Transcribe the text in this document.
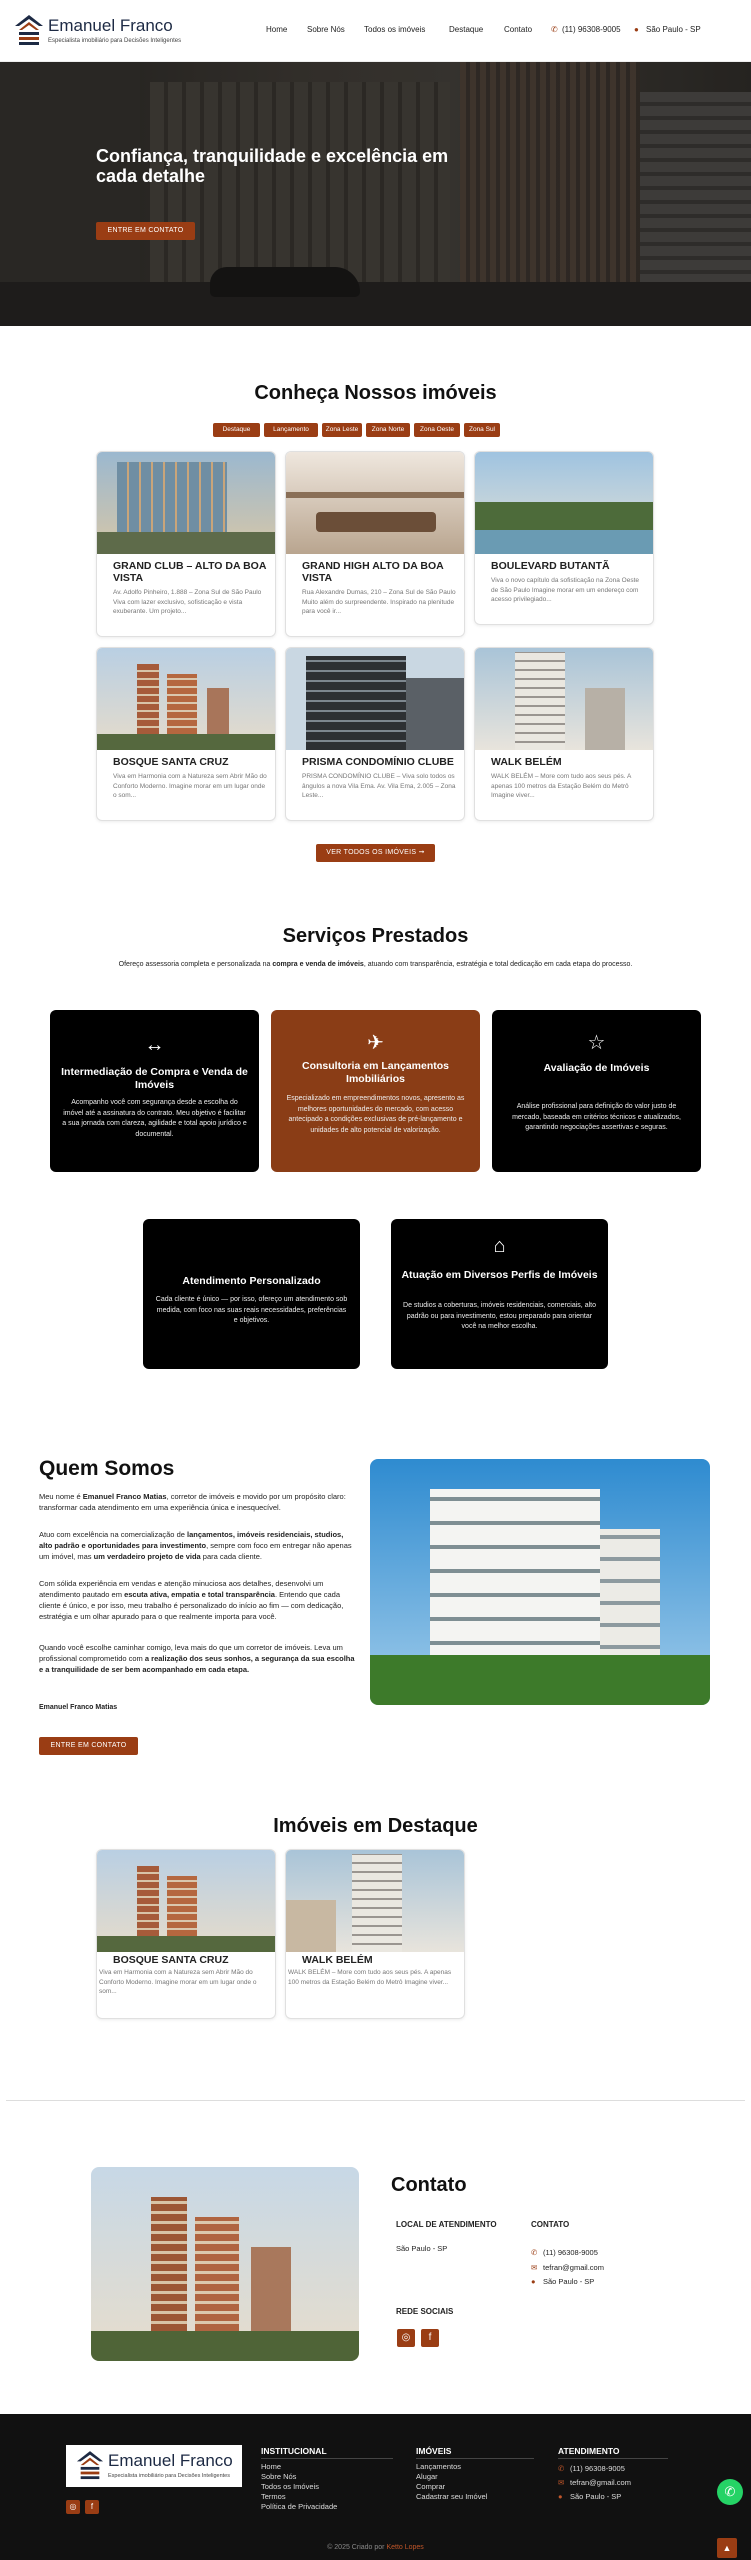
Emanuel Franco
Especialista imobiliário para Decisões Inteligentes
Home Sobre Nós Todos os imóveis	Destaque	Contato ✆ (11) 96308-9005 ● São Paulo - SP
Confiança, tranquilidade e excelência em cada detalhe
ENTRE EM CONTATO
Conheça Nossos imóveis
Destaque	Lançamento	Zona Leste	Zona Norte	Zona Oeste	Zona Sul
GRAND CLUB – ALTO DA BOA VISTA
Av. Adolfo Pinheiro, 1.888 – Zona Sul de São Paulo Viva com lazer exclusivo, sofisticação e vista exuberante. Um projeto...
GRAND HIGH ALTO DA BOA VISTA
Rua Alexandre Dumas, 210 – Zona Sul de São Paulo Muito além do surpreendente. Inspirado na plenitude para você ir...
BOULEVARD BUTANTÃ
Viva o novo capítulo da sofisticação na Zona Oeste de São Paulo Imagine morar em um endereço com acesso privilegiado...
BOSQUE SANTA CRUZ
Viva em Harmonia com a Natureza sem Abrir Mão do Conforto Moderno. Imagine morar em um lugar onde o som...
PRISMA CONDOMÍNIO CLUBE
PRISMA CONDOMÍNIO CLUBE – Viva solo todos os ângulos a nova Vila Ema. Av. Vila Ema, 2.005 – Zona Leste...
WALK BELÉM
WALK BELÉM – More com tudo aos seus pés. A apenas 100 metros da Estação Belém do Metrô Imagine viver...
VER TODOS OS IMÓVEIS ➞
Serviços Prestados
Ofereço assessoria completa e personalizada na compra e venda de imóveis, atuando com transparência, estratégia e total dedicação em cada etapa do processo.
↔
Intermediação de Compra e Venda de Imóveis
Acompanho você com segurança desde a escolha do imóvel até a assinatura do contrato. Meu objetivo é facilitar a sua jornada com clareza, agilidade e total apoio jurídico e documental.
✈
Consultoria em Lançamentos Imobiliários
Especializado em empreendimentos novos, apresento as melhores oportunidades do mercado, com acesso antecipado a condições exclusivas de pré-lançamento e unidades de alto potencial de valorização.
☆
Avaliação de Imóveis
Análise profissional para definição do valor justo de mercado, baseada em critérios técnicos e atualizados, garantindo negociações assertivas e seguras.
Atendimento Personalizado
Cada cliente é único — por isso, ofereço um atendimento sob medida, com foco nas suas reais necessidades, preferências e objetivos.
⌂
Atuação em Diversos Perfis de Imóveis
De studios a coberturas, imóveis residenciais, comerciais, alto padrão ou para investimento, estou preparado para orientar você na melhor escolha.
Quem Somos
Meu nome é Emanuel Franco Matias, corretor de imóveis e movido por um propósito claro: transformar cada atendimento em uma experiência única e inesquecível.
Atuo com excelência na comercialização de lançamentos, imóveis residenciais, studios, alto padrão e oportunidades para investimento, sempre com foco em entregar não apenas um imóvel, mas um verdadeiro projeto de vida para cada cliente.
Com sólida experiência em vendas e atenção minuciosa aos detalhes, desenvolvi um atendimento pautado em escuta ativa, empatia e total transparência. Entendo que cada cliente é único, e por isso, meu trabalho é personalizado do início ao fim — com dedicação, estratégia e um olhar apurado para o que realmente importa para você.
Quando você escolhe caminhar comigo, leva mais do que um corretor de imóveis. Leva um profissional comprometido com a realização dos seus sonhos, a segurança da sua escolha e a tranquilidade de ser bem acompanhado em cada etapa.
Emanuel Franco Matias
ENTRE EM CONTATO
Imóveis em Destaque
BOSQUE SANTA CRUZ
Viva em Harmonia com a Natureza sem Abrir Mão do Conforto Moderno. Imagine morar em um lugar onde o som...
WALK BELÉM
WALK BELÉM – More com tudo aos seus pés. A apenas 100 metros da Estação Belém do Metrô Imagine viver...
Contato
LOCAL DE ATENDIMENTO
São Paulo - SP
CONTATO
✆ (11) 96308-9005
✉ tefran@gmail.com
● São Paulo - SP
REDE SOCIAIS
◎	f
Emanuel Franco
Especialista imobiliário para Decisões Inteligentes
◎	f
INSTITUCIONAL
Home
Sobre Nós
Todos os Imóveis
Termos
Política de Privacidade
IMÓVEIS
Lançamentos
Alugar
Comprar
Cadastrar seu Imóvel
ATENDIMENTO
✆ (11) 96308-9005
✉ tefran@gmail.com
● São Paulo - SP
© 2025 Criado por Ketto Lopes
✆
▲
